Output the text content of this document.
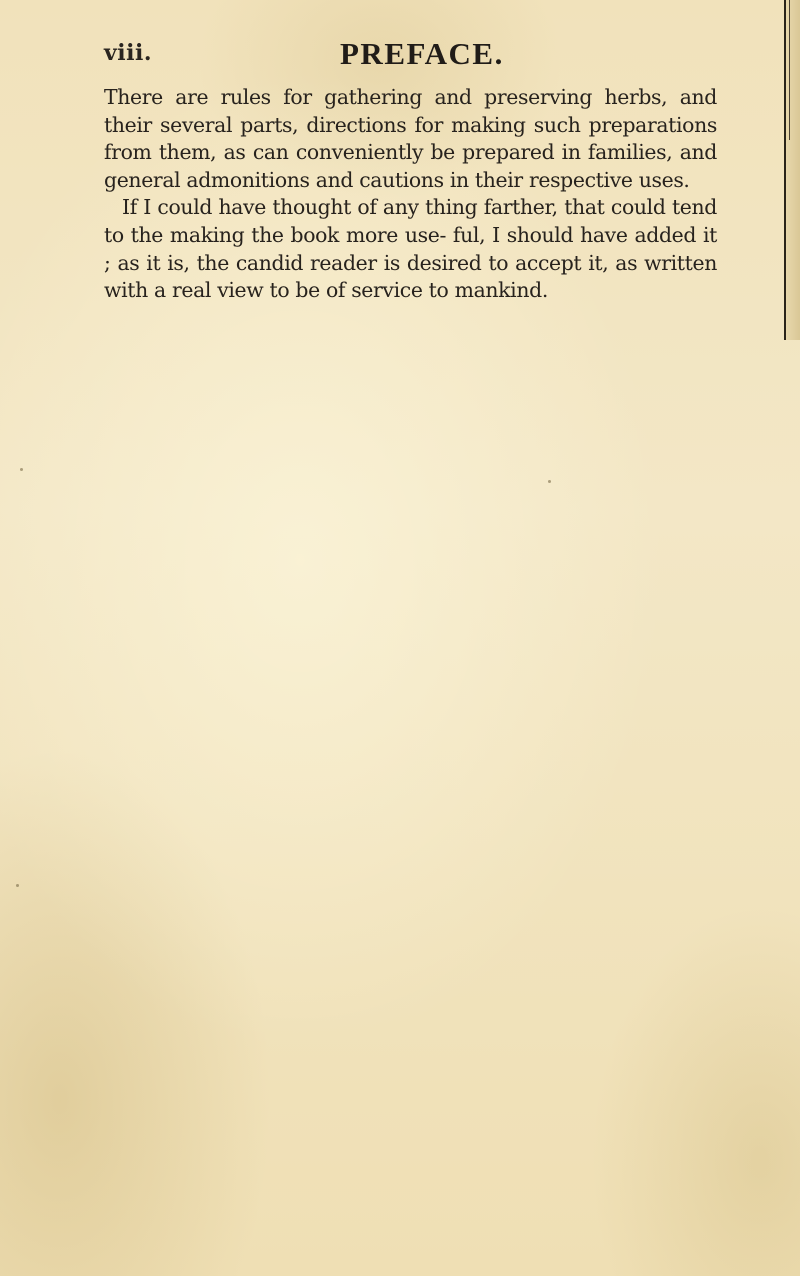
viii.	PREFACE.

There are rules for gathering and preserving herbs, and their several parts, directions for making such preparations from them, as can conveniently be prepared in families, and general admonitions and cautions in their respective uses.

If I could have thought of any thing farther, that could tend to the making the book more use- ful, I should have added it ; as it is, the candid reader is desired to accept it, as written with a real view to be of service to mankind.
